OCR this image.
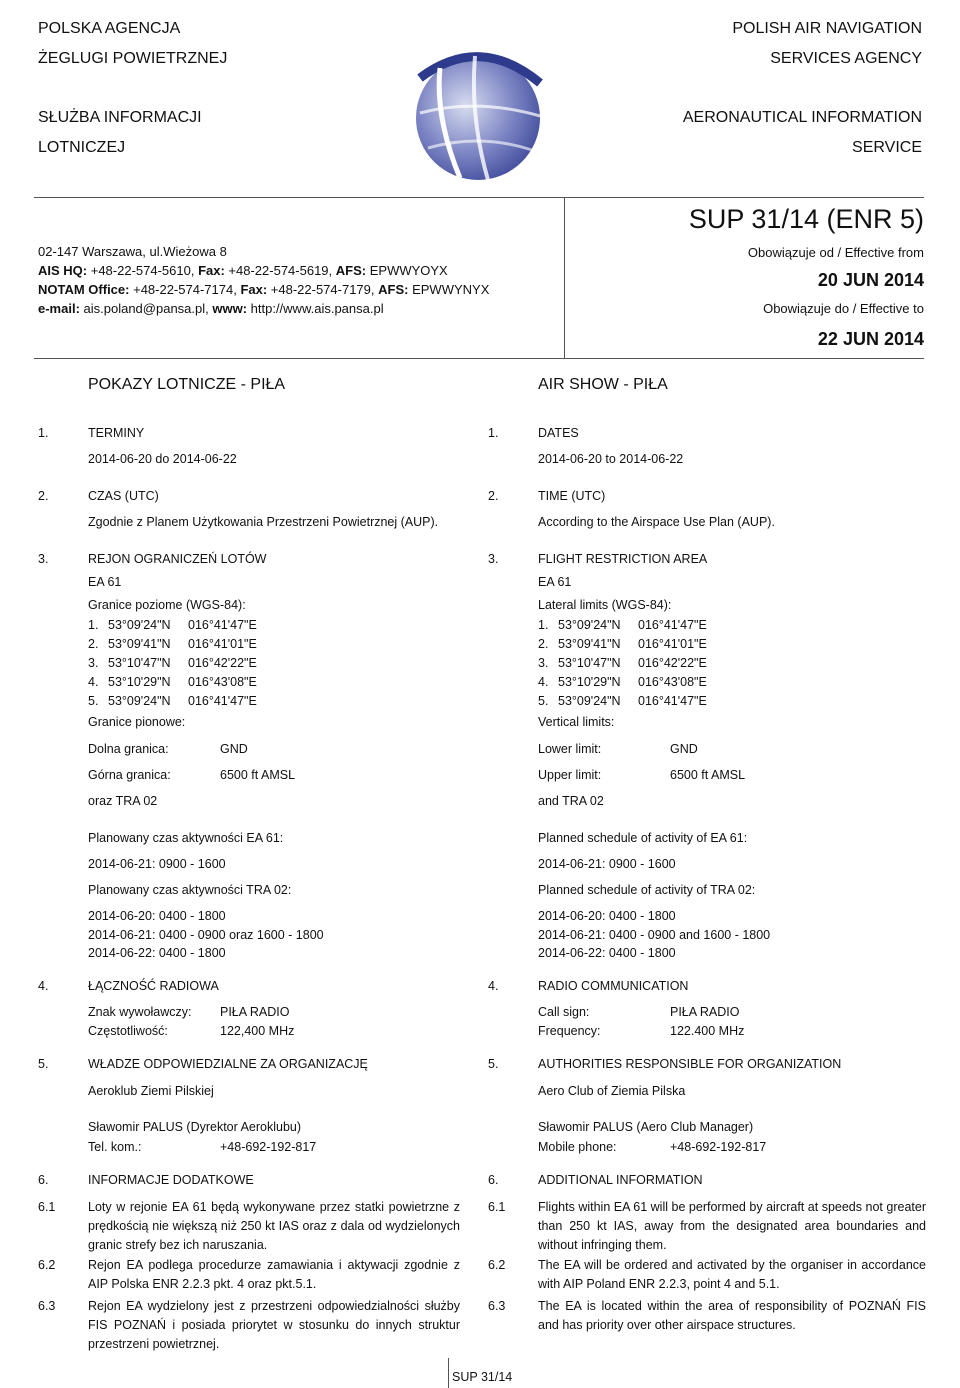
POLSKA AGENCJA
ŻEGLUGI POWIETRZNEJ
SŁUŻBA INFORMACJI
LOTNICZEJ
POLISH AIR NAVIGATION
SERVICES AGENCY
AERONAUTICAL INFORMATION
SERVICE
02-147 Warszawa, ul.Wieżowa 8
AIS HQ: +48-22-574-5610, Fax: +48-22-574-5619, AFS: EPWWYOYX
NOTAM Office: +48-22-574-7174, Fax: +48-22-574-7179, AFS: EPWWYNYX
e-mail: ais.poland@pansa.pl, www: http://www.ais.pansa.pl
SUP 31/14 (ENR 5)
Obowiązuje od / Effective from
20 JUN 2014
Obowiązuje do / Effective to
22 JUN 2014
POKAZY LOTNICZE - PIŁA	AIR SHOW - PIŁA
1.	TERMINY
2014-06-20 do 2014-06-22
2.	CZAS (UTC)
Zgodnie z Planem Użytkowania Przestrzeni Powietrznej (AUP).
3.	REJON OGRANICZEŃ LOTÓW
EA 61
Granice poziome (WGS-84):
1. 53°09'24"N 016°41'47"E
2. 53°09'41"N 016°41'01"E
3. 53°10'47"N 016°42'22"E
4. 53°10'29"N 016°43'08"E
5. 53°09'24"N 016°41'47"E
Granice pionowe:
Dolna granica:	GND
Górna granica:	6500 ft AMSL
oraz TRA 02
Planowany czas aktywności EA 61:
2014-06-21: 0900 - 1600
Planowany czas aktywności TRA 02:
2014-06-20: 0400 - 1800
2014-06-21: 0400 - 0900 oraz 1600 - 1800
2014-06-22: 0400 - 1800
4.	ŁĄCZNOŚĆ RADIOWA
Znak wywoławczy: PIŁA RADIO
Częstotliwość:	122,400 MHz
5.	WŁADZE ODPOWIEDZIALNE ZA ORGANIZACJĘ
Aeroklub Ziemi Pilskiej
Sławomir PALUS (Dyrektor Aeroklubu)
Tel. kom.:	+48-692-192-817
6.	INFORMACJE DODATKOWE
6.1	Loty w rejonie EA 61 będą wykonywane przez statki powietrzne z prędkością nie większą niż 250 kt IAS oraz z dala od wydzielonych granic strefy bez ich naruszania.
6.2	Rejon EA podlega procedurze zamawiania i aktywacji zgodnie z AIP Polska ENR 2.2.3 pkt. 4 oraz pkt.5.1.
6.3	Rejon EA wydzielony jest z przestrzeni odpowiedzialności służby FIS POZNAŃ i posiada priorytet w stosunku do innych struktur przestrzeni powietrznej.
1.	DATES
2014-06-20 to 2014-06-22
2.	TIME (UTC)
According to the Airspace Use Plan (AUP).
3.	FLIGHT RESTRICTION AREA
EA 61
Lateral limits (WGS-84):
1. 53°09'24"N 016°41'47"E
2. 53°09'41"N 016°41'01"E
3. 53°10'47"N 016°42'22"E
4. 53°10'29"N 016°43'08"E
5. 53°09'24"N 016°41'47"E
Vertical limits:
Lower limit:	GND
Upper limit:	6500 ft AMSL
and TRA 02
Planned schedule of activity of EA 61:
2014-06-21: 0900 - 1600
Planned schedule of activity of TRA 02:
2014-06-20: 0400 - 1800
2014-06-21: 0400 - 0900 and 1600 - 1800
2014-06-22: 0400 - 1800
4.	RADIO COMMUNICATION
Call sign:	PIŁA RADIO
Frequency:	122.400 MHz
5.	AUTHORITIES RESPONSIBLE FOR ORGANIZATION
Aero Club of Ziemia Pilska
Sławomir PALUS (Aero Club Manager)
Mobile phone:	+48-692-192-817
6.	ADDITIONAL INFORMATION
6.1	Flights within EA 61 will be performed by aircraft at speeds not greater than 250 kt IAS, away from the designated area boundaries and without infringing them.
6.2	The EA will be ordered and activated by the organiser in accordance with AIP Poland ENR 2.2.3, point 4 and 5.1.
6.3	The EA is located within the area of responsibility of POZNAŃ FIS and has priority over other airspace structures.
SUP 31/14
